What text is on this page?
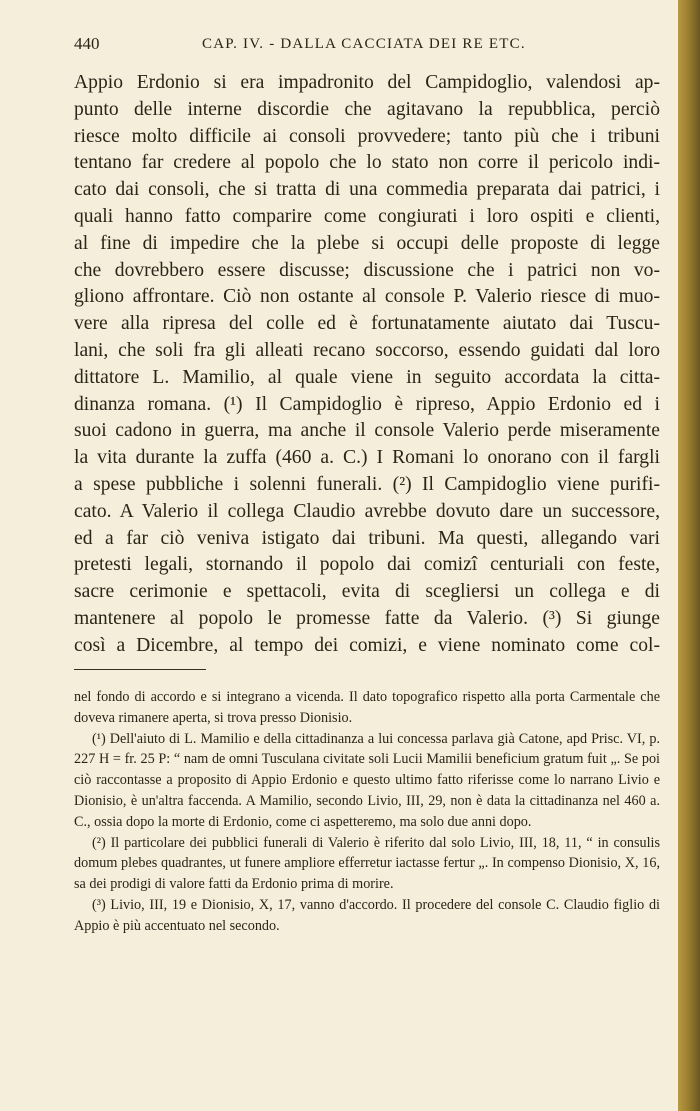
440	CAP. IV. - DALLA CACCIATA DEI RE ETC.

Appio Erdonio si era impadronito del Campidoglio, valendosi ap-

punto delle interne discordie che agitavano la repubblica, perciò

riesce molto difficile ai consoli provvedere; tanto più che i tribuni

tentano far credere al popolo che lo stato non corre il pericolo indi-

cato dai consoli, che si tratta di una commedia preparata dai patrici, i

quali hanno fatto comparire come congiurati i loro ospiti e clienti,

al fine di impedire che la plebe si occupi delle proposte di legge

che dovrebbero essere discusse; discussione che i patrici non vo-

gliono affrontare. Ciò non ostante al console P. Valerio riesce di muo-

vere alla ripresa del colle ed è fortunatamente aiutato dai Tuscu-

lani, che soli fra gli alleati recano soccorso, essendo guidati dal loro

dittatore L. Mamilio, al quale viene in seguito accordata la citta-

dinanza romana. (¹) Il Campidoglio è ripreso, Appio Erdonio ed i

suoi cadono in guerra, ma anche il console Valerio perde miseramente

la vita durante la zuffa (460 a. C.) I Romani lo onorano con il fargli

a spese pubbliche i solenni funerali. (²) Il Campidoglio viene purifi-

cato. A Valerio il collega Claudio avrebbe dovuto dare un successore,

ed a far ciò veniva istigato dai tribuni. Ma questi, allegando vari

pretesti legali, stornando il popolo dai comizî centuriali con feste,

sacre cerimonie e spettacoli, evita di scegliersi un collega e di

mantenere al popolo le promesse fatte da Valerio. (³) Si giunge

così a Dicembre, al tempo dei comizi, e viene nominato come col-

nel fondo di accordo e si integrano a vicenda. Il dato topografico rispetto alla porta Carmentale che doveva rimanere aperta, si trova presso Dionisio.

(¹) Dell'aiuto di L. Mamilio e della cittadinanza a lui concessa parlava già Catone, apd Prisc. VI, p. 227 H = fr. 25 P: “ nam de omni Tusculana civitate soli Lucii Mamilii beneficium gratum fuit „. Se poi ciò raccontasse a proposito di Appio Erdonio e questo ultimo fatto riferisse come lo narrano Livio e Dionisio, è un'altra faccenda. A Mamilio, secondo Livio, III, 29, non è data la cittadinanza nel 460 a. C., ossia dopo la morte di Erdonio, come ci aspetteremo, ma solo due anni dopo.

(²) Il particolare dei pubblici funerali di Valerio è riferito dal solo Livio, III, 18, 11, “ in consulis domum plebes quadrantes, ut funere ampliore efferretur iactasse fertur „. In compenso Dionisio, X, 16, sa dei prodigi di valore fatti da Erdonio prima di morire.

(³) Livio, III, 19 e Dionisio, X, 17, vanno d'accordo. Il procedere del console C. Claudio figlio di Appio è più accentuato nel secondo.
